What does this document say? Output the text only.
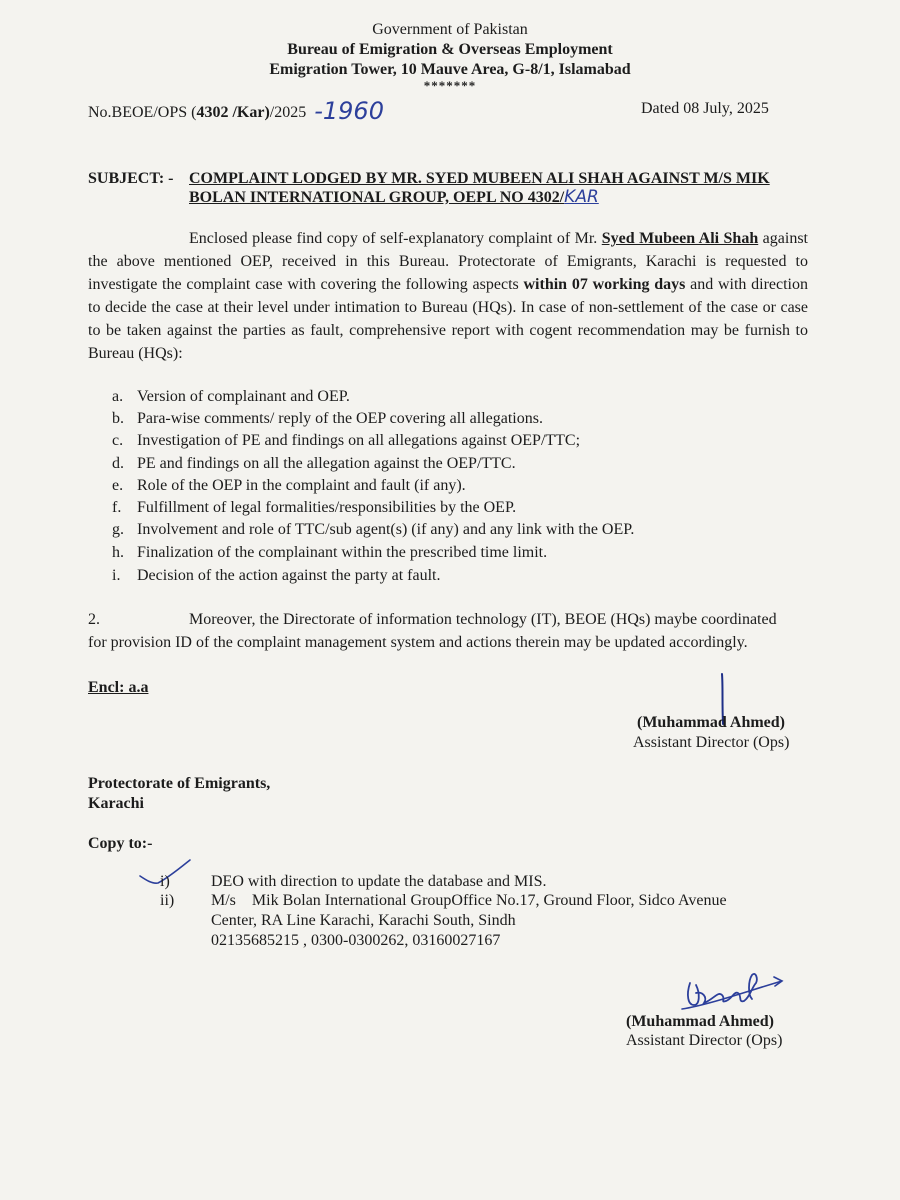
Government of Pakistan
Bureau of Emigration & Overseas Employment
Emigration Tower, 10 Mauve Area, G-8/1, Islamabad
*******
No.BEOE/OPS (4302 /Kar)/2025 -1960	Dated 08 July, 2025
SUBJECT: - COMPLAINT LODGED BY MR. SYED MUBEEN ALI SHAH AGAINST M/S MIK
BOLAN INTERNATIONAL GROUP, OEPL NO 4302/KAR
Enclosed please find copy of self-explanatory complaint of Mr. Syed Mubeen Ali Shah against the above mentioned OEP, received in this Bureau. Protectorate of Emigrants, Karachi is requested to investigate the complaint case with covering the following aspects within 07 working days and with direction to decide the case at their level under intimation to Bureau (HQs). In case of non-settlement of the case or case to be taken against the parties as fault, comprehensive report with cogent recommendation may be furnish to Bureau (HQs):
a. Version of complainant and OEP.
b. Para-wise comments/ reply of the OEP covering all allegations.
c. Investigation of PE and findings on all allegations against OEP/TTC;
d. PE and findings on all the allegation against the OEP/TTC.
e. Role of the OEP in the complaint and fault (if any).
f. Fulfillment of legal formalities/responsibilities by the OEP.
g. Involvement and role of TTC/sub agent(s) (if any) and any link with the OEP.
h. Finalization of the complainant within the prescribed time limit.
i. Decision of the action against the party at fault.
2.	Moreover, the Directorate of information technology (IT), BEOE (HQs) maybe coordinated
for provision ID of the complaint management system and actions therein may be updated accordingly.
Encl: a.a
(Muhammad Ahmed)
Assistant Director (Ops)
Protectorate of Emigrants,
Karachi
Copy to:-
i)	DEO with direction to update the database and MIS.
ii) M/s    Mik Bolan International GroupOffice No.17, Ground Floor, Sidco Avenue
Center, RA Line Karachi, Karachi South, Sindh
02135685215 , 0300-0300262, 03160027167
(Muhammad Ahmed)
Assistant Director (Ops)
